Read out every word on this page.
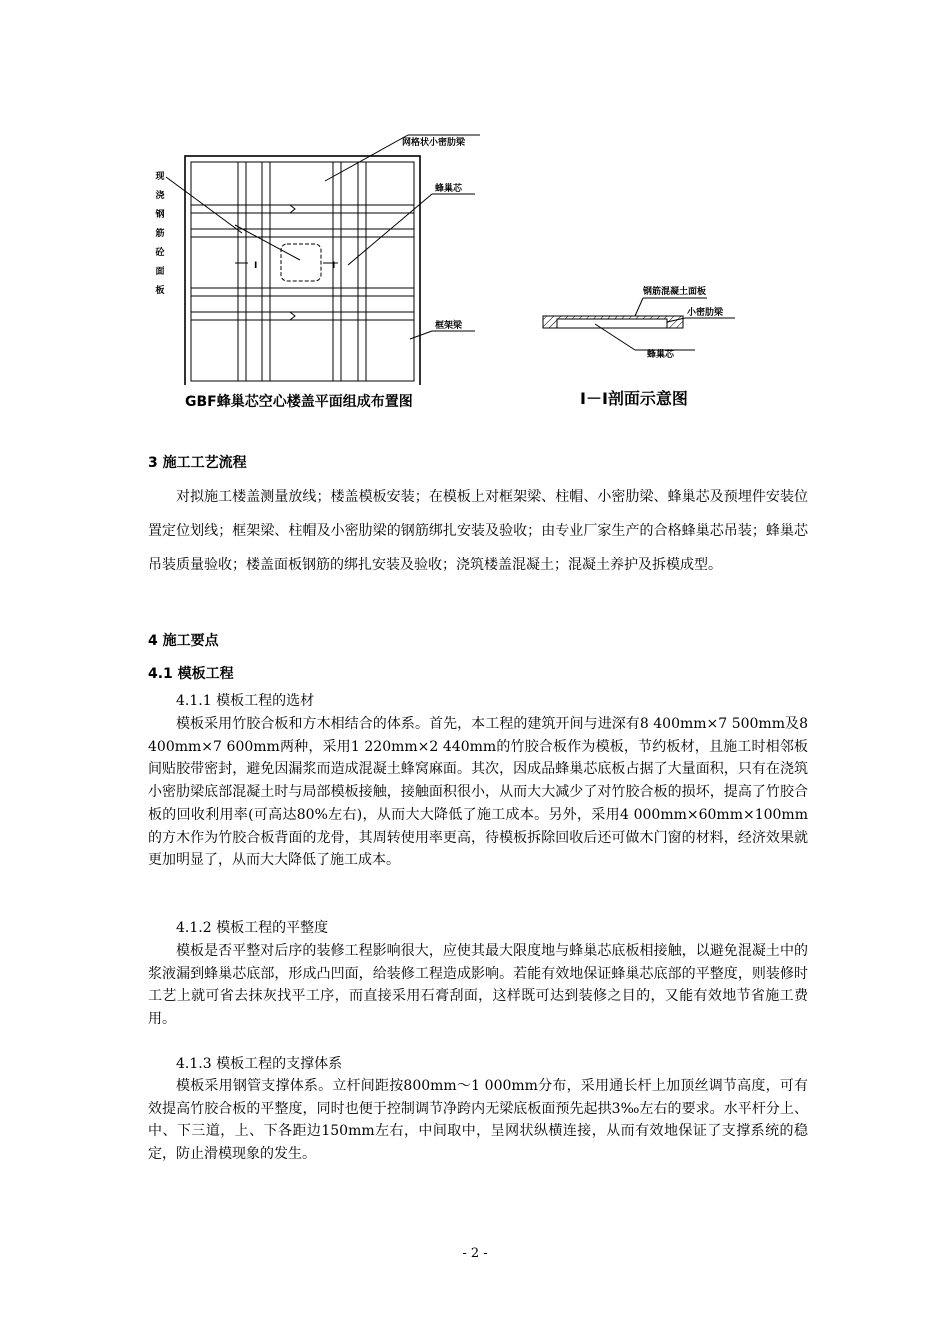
I	I
网格状小密肋梁
蜂巢芯
框架梁
现
浇
钢
筋
砼
面
板
GBF蜂巢芯空心楼盖平面组成布置图
钢筋混凝土面板
小密肋梁
蜂巢芯
I－I剖面示意图
3 施工工艺流程
对拟施工楼盖测量放线；楼盖模板安装；在模板上对框架梁、柱帽、小密肋梁、蜂巢芯及预埋件安装位置定位划线；框架梁、柱帽及小密肋梁的钢筋绑扎安装及验收；由专业厂家生产的合格蜂巢芯吊装；蜂巢芯吊装质量验收；楼盖面板钢筋的绑扎安装及验收；浇筑楼盖混凝土；混凝土养护及拆模成型。
4 施工要点
4.1 模板工程
4.1.1 模板工程的选材
模板采用竹胶合板和方木相结合的体系。首先，本工程的建筑开间与进深有8 400mm×7 500mm及8 400mm×7 600mm两种，采用1 220mm×2 440mm的竹胶合板作为模板，节约板材，且施工时相邻板间贴胶带密封，避免因漏浆而造成混凝土蜂窝麻面。其次，因成品蜂巢芯底板占据了大量面积，只有在浇筑小密肋梁底部混凝土时与局部模板接触，接触面积很小，从而大大减少了对竹胶合板的损坏，提高了竹胶合板的回收利用率(可高达80%左右)，从而大大降低了施工成本。另外，采用4 000mm×60mm×100mm的方木作为竹胶合板背面的龙骨，其周转使用率更高，待模板拆除回收后还可做木门窗的材料，经济效果就更加明显了，从而大大降低了施工成本。
4.1.2 模板工程的平整度
模板是否平整对后序的装修工程影响很大，应使其最大限度地与蜂巢芯底板相接触，以避免混凝土中的浆液漏到蜂巢芯底部，形成凸凹面，给装修工程造成影响。若能有效地保证蜂巢芯底部的平整度，则装修时工艺上就可省去抹灰找平工序，而直接采用石膏刮面，这样既可达到装修之目的，又能有效地节省施工费用。
4.1.3 模板工程的支撑体系
模板采用钢管支撑体系。立杆间距按800mm～1 000mm分布，采用通长杆上加顶丝调节高度，可有效提高竹胶合板的平整度，同时也便于控制调节净跨内无梁底板面预先起拱3‰左右的要求。水平杆分上、中、下三道，上、下各距边150mm左右，中间取中，呈网状纵横连接，从而有效地保证了支撑系统的稳定，防止滑模现象的发生。
- 2 -
